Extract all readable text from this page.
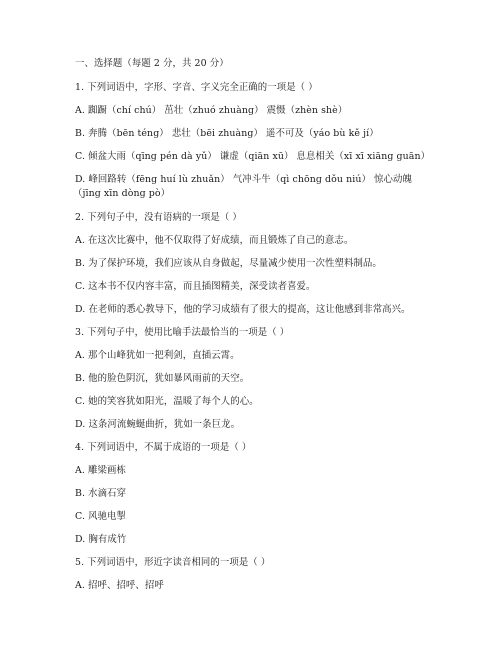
一、选择题（每题 2 分，共 20 分）
1. 下列词语中，字形、字音、字义完全正确的一项是（ ）
A. 踟蹰（chí chú） 茁壮（zhuó zhuàng） 震慑（zhèn shè）
B. 奔腾（bēn téng） 悲壮（bēi zhuàng） 遥不可及（yáo bù kě jí）
C. 倾盆大雨（qīng pén dà yǔ） 谦虚（qiān xū） 息息相关（xī xī xiāng guān）
D. 峰回路转（fēng huí lù zhuǎn） 气冲斗牛（qì chōng dǒu niú） 惊心动魄
（jīng xīn dòng pò）
2. 下列句子中，没有语病的一项是（ ）
A. 在这次比赛中，他不仅取得了好成绩，而且锻炼了自己的意志。
B. 为了保护环境，我们应该从自身做起，尽量减少使用一次性塑料制品。
C. 这本书不仅内容丰富，而且插图精美，深受读者喜爱。
D. 在老师的悉心教导下，他的学习成绩有了很大的提高，这让他感到非常高兴。
3. 下列句子中，使用比喻手法最恰当的一项是（ ）
A. 那个山峰犹如一把利剑，直插云霄。
B. 他的脸色阴沉，犹如暴风雨前的天空。
C. 她的笑容犹如阳光，温暖了每个人的心。
D. 这条河流蜿蜒曲折，犹如一条巨龙。
4. 下列词语中，不属于成语的一项是（ ）
A. 雕梁画栋
B. 水滴石穿
C. 风驰电掣
D. 胸有成竹
5. 下列词语中，形近字读音相同的一项是（ ）
A. 招呼、招呼、招呼
